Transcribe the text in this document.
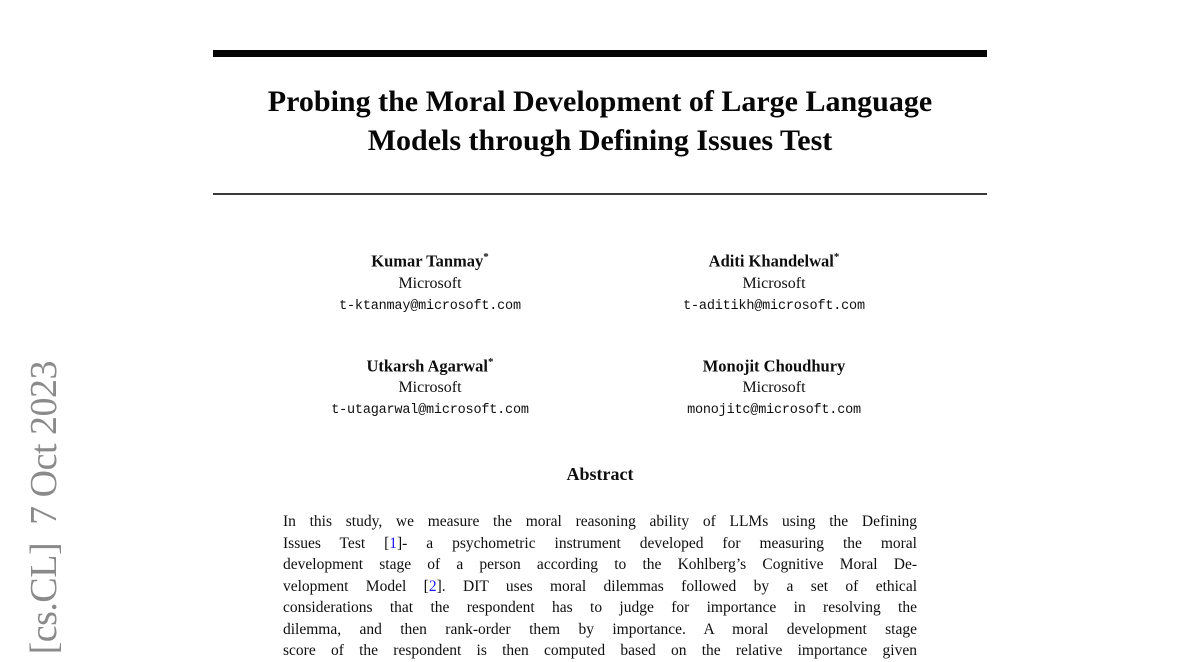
[cs.CL]  7 Oct 2023
Probing the Moral Development of Large Language
Models through Defining Issues Test
Kumar Tanmay*
Microsoft
t-ktanmay@microsoft.com
Aditi Khandelwal*
Microsoft
t-aditikh@microsoft.com
Utkarsh Agarwal*
Microsoft
t-utagarwal@microsoft.com
Monojit Choudhury
Microsoft
monojitc@microsoft.com
Abstract
In this study, we measure the moral reasoning ability of LLMs using the Defining
Issues Test [1]- a psychometric instrument developed for measuring the moral
development stage of a person according to the Kohlberg’s Cognitive Moral De-
velopment Model [2]. DIT uses moral dilemmas followed by a set of ethical
considerations that the respondent has to judge for importance in resolving the
dilemma, and then rank-order them by importance. A moral development stage
score of the respondent is then computed based on the relative importance given
